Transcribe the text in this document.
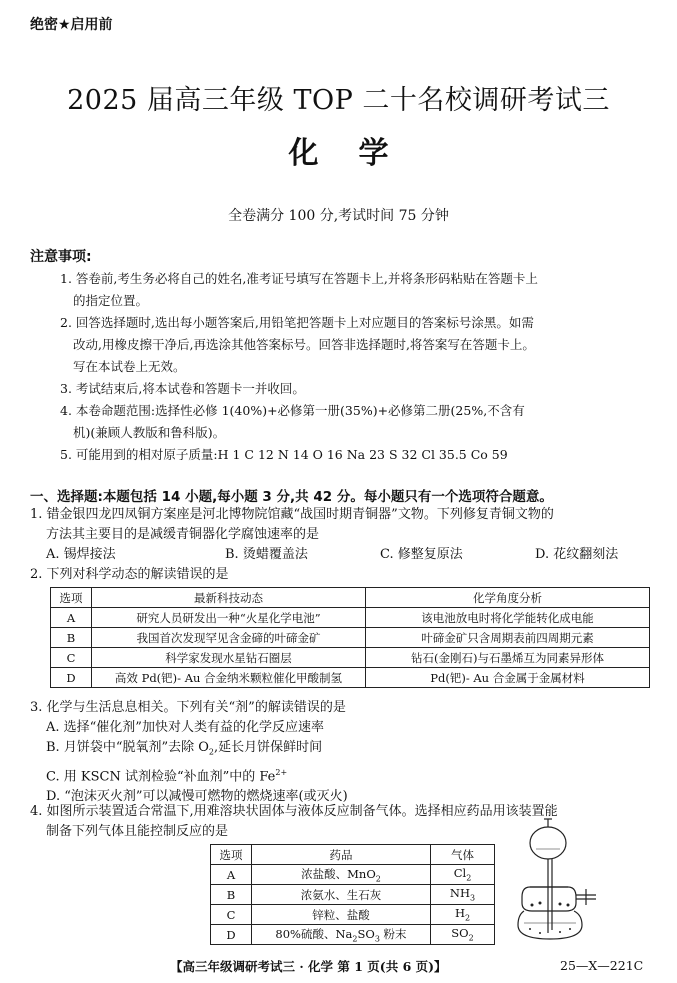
绝密★启用前
2025 届高三年级 TOP 二十名校调研考试三
化学
全卷满分 100 分,考试时间 75 分钟
注意事项:
1. 答卷前,考生务必将自己的姓名,准考证号填写在答题卡上,并将条形码粘贴在答题卡上
的指定位置。
2. 回答选择题时,选出每小题答案后,用铅笔把答题卡上对应题目的答案标号涂黑。如需
改动,用橡皮擦干净后,再选涂其他答案标号。回答非选择题时,将答案写在答题卡上。
写在本试卷上无效。
3. 考试结束后,将本试卷和答题卡一并收回。
4. 本卷命题范围:选择性必修 1(40%)+必修第一册(35%)+必修第二册(25%,不含有
机)(兼顾人教版和鲁科版)。
5. 可能用到的相对原子质量:H 1 C 12 N 14 O 16 Na 23 S 32 Cl 35.5 Co 59
一、选择题:本题包括 14 小题,每小题 3 分,共 42 分。每小题只有一个选项符合题意。
1. 错金银四龙四凤铜方案座是河北博物院馆藏“战国时期青铜器”文物。下列修复青铜文物的
方法其主要目的是减缓青铜器化学腐蚀速率的是
A. 锡焊接法	B. 烫蜡覆盖法	C. 修整复原法	D. 花纹翻刻法
2. 下列对科学动态的解读错误的是
选项	最新科技动态	化学角度分析
A	研究人员研发出一种“火星化学电池”	该电池放电时将化学能转化成电能
B	我国首次发现罕见含金碲的叶碲金矿	叶碲金矿只含周期表前四周期元素
C	科学家发现水星钻石圈层	钻石(金刚石)与石墨烯互为同素异形体
D	高效 Pd(钯)- Au 合金纳米颗粒催化甲酸制氢	Pd(钯)- Au 合金属于金属材料
3. 化学与生活息息相关。下列有关“剂”的解读错误的是
A. 选择“催化剂”加快对人类有益的化学反应速率
B. 月饼袋中“脱氧剂”去除 $O_2$,延长月饼保鲜时间
C. 用 KSCN 试剂检验“补血剂”中的 $Fe^{2+}$
D. “泡沫灭火剂”可以减慢可燃物的燃烧速率(或灭火)
4. 如图所示装置适合常温下,用难溶块状固体与液体反应制备气体。选择相应药品用该装置能
制备下列气体且能控制反应的是
选项	药品	气体
A	浓盐酸、MnO$_2$	$Cl_2$
B	浓氨水、生石灰	$NH_3$
C	锌粒、盐酸	$H_2$
D	80%硫酸、$Na_2SO_3$ 粉末	$SO_2$
【高三年级调研考试三 · 化学 第 1 页(共 6 页)】	25—X—221C
